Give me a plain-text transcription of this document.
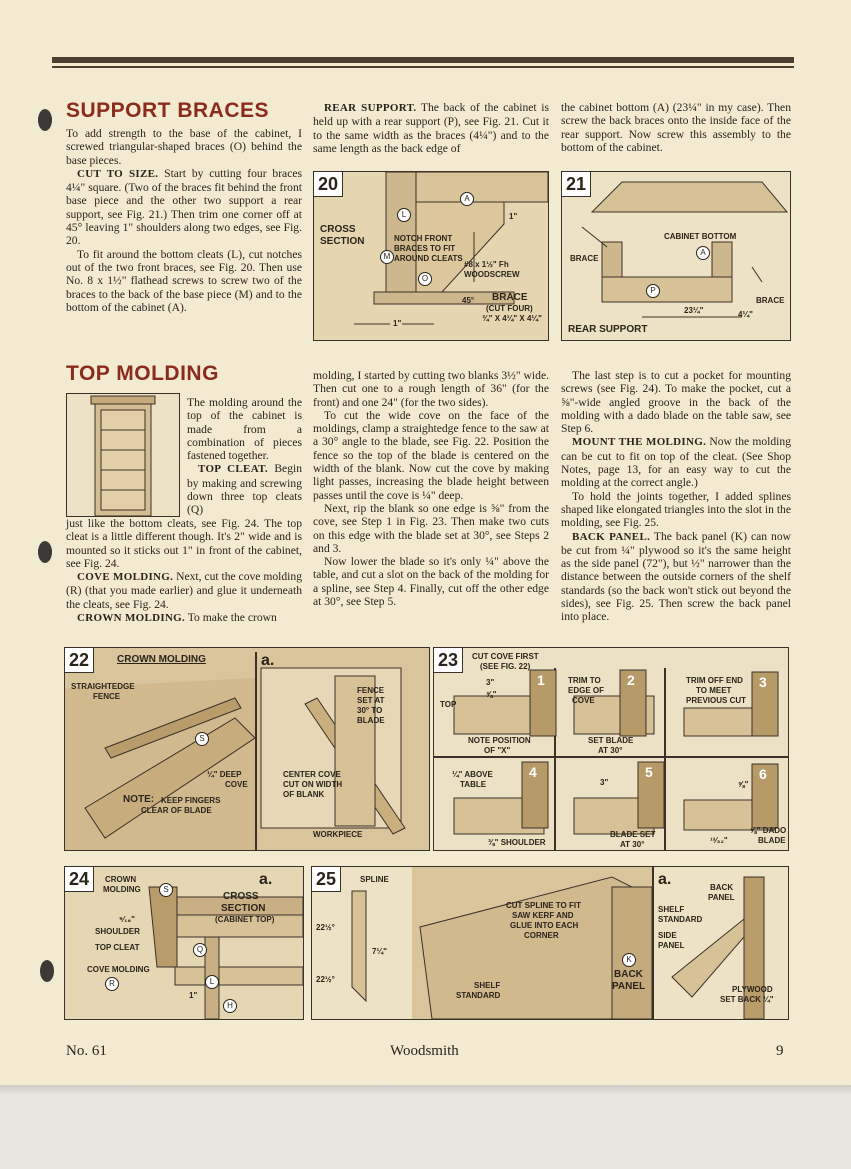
SUPPORT BRACES

To add strength to the base of the cabinet, I screwed triangular-shaped braces (O) behind the base pieces.

CUT TO SIZE. Start by cutting four braces 4¼" square. (Two of the braces fit behind the front base piece and the other two support a rear support, see Fig. 21.) Then trim one corner off at 45° leaving 1" shoulders along two edges, see Fig. 20.

To fit around the bottom cleats (L), cut notches out of the two front braces, see Fig. 20. Then use No. 8 x 1½" flathead screws to screw two of the braces to the back of the base piece (M) and to the bottom of the cabinet (A).

REAR SUPPORT. The back of the cabinet is held up with a rear support (P), see Fig. 21. Cut it to the same width as the braces (4¼") and to the same length as the back edge of

the cabinet bottom (A) (23¼" in my case). Then screw the back braces onto the inside face of the rear support. Now screw this assembly to the bottom of the cabinet.

20
CROSS
SECTION	NOTCH FRONT
BRACES TO FIT
AROUND CLEATS
#8 x 1½" Fh
WOODSCREW
BRACE
(CUT FOUR)
¾" X 4¼" X 4¼"
1"
1"
45°
A
L
M
O
21
CABINET BOTTOM
BRACE
BRACE
REAR SUPPORT
23¼"	4¼"
A
P
TOP MOLDING

The molding around the top of the cabinet is made from a combination of pieces fastened together.

TOP CLEAT. Begin by making and screwing down three top cleats (Q)

just like the bottom cleats, see Fig. 24. The top cleat is a little different though. It's 2" wide and is mounted so it sticks out 1" in front of the cabinet, see Fig. 24.

COVE MOLDING. Next, cut the cove molding (R) (that you made earlier) and glue it underneath the cleats, see Fig. 24.

CROWN MOLDING. To make the crown

molding, I started by cutting two blanks 3½" wide. Then cut one to a rough length of 36" (for the front) and one 24" (for the two sides).

To cut the wide cove on the face of the moldings, clamp a straightedge fence to the saw at a 30° angle to the blade, see Fig. 22. Position the fence so the top of the blade is centered on the width of the blank. Now cut the cove by making light passes, increasing the blade height between passes until the cove is ¼" deep.

Next, rip the blank so one edge is ⅝" from the cove, see Step 1 in Fig. 23. Then make two cuts on this edge with the blade set at 30°, see Steps 2 and 3.

Now lower the blade so it's only ¼" above the table, and cut a slot on the back of the molding for a spline, see Step 4. Finally, cut off the other edge at 30°, see Step 5.

The last step is to cut a pocket for mounting screws (see Fig. 24). To make the pocket, cut a ⅝"-wide angled groove in the back of the molding with a dado blade on the table saw, see Step 6.

MOUNT THE MOLDING. Now the molding can be cut to fit on top of the cleat. (See Shop Notes, page 13, for an easy way to cut the molding at the correct angle.)

To hold the joints together, I added splines shaped like elongated triangles into the slot in the molding, see Fig. 25.

BACK PANEL. The back panel (K) can now be cut from ¼" plywood so it's the same height as the side panel (72"), but ½" narrower than the distance between the outside corners of the shelf standards (so the back won't stick out beyond the sides), see Fig. 25. Then screw the back panel into place.

22	CROWN MOLDING
STRAIGHTEDGE
FENCE
¼" DEEP
COVE
NOTE: KEEP FINGERS
CLEAR OF BLADE
a.
FENCE
SET AT
30° TO
BLADE
CENTER COVE
CUT ON WIDTH
OF BLANK
WORKPIECE
S
23	CUT COVE FIRST
(SEE FIG. 22)
3"
⅝"
TOP
TRIM TO
EDGE OF
COVE
NOTE POSITION
OF "X"
SET BLADE
AT 30°
TRIM OFF END
TO MEET
PREVIOUS CUT
¼" ABOVE
TABLE	3"
⅜" SHOULDER
BLADE SET
AT 30°
⅝"
⅝" DADO
BLADE
¹³⁄₃₂"
1	2	3
4	5	6
24	CROWN
MOLDING
CROSS
SECTION
(CABINET TOP)
⁹⁄₁₆"
SHOULDER
TOP CLEAT
COVE MOLDING
1"
a.
S
Q
R	L
H
25	SPLINE
22½°
7¼"
22½°
CUT SPLINE TO FIT
SAW KERF AND
GLUE INTO EACH
CORNER
SHELF
STANDARD
BACK
PANEL
K
a.	BACK
PANEL
SHELF
STANDARD
SIDE
PANEL
PLYWOOD
SET BACK ¼"
No. 61	Woodsmith	9
